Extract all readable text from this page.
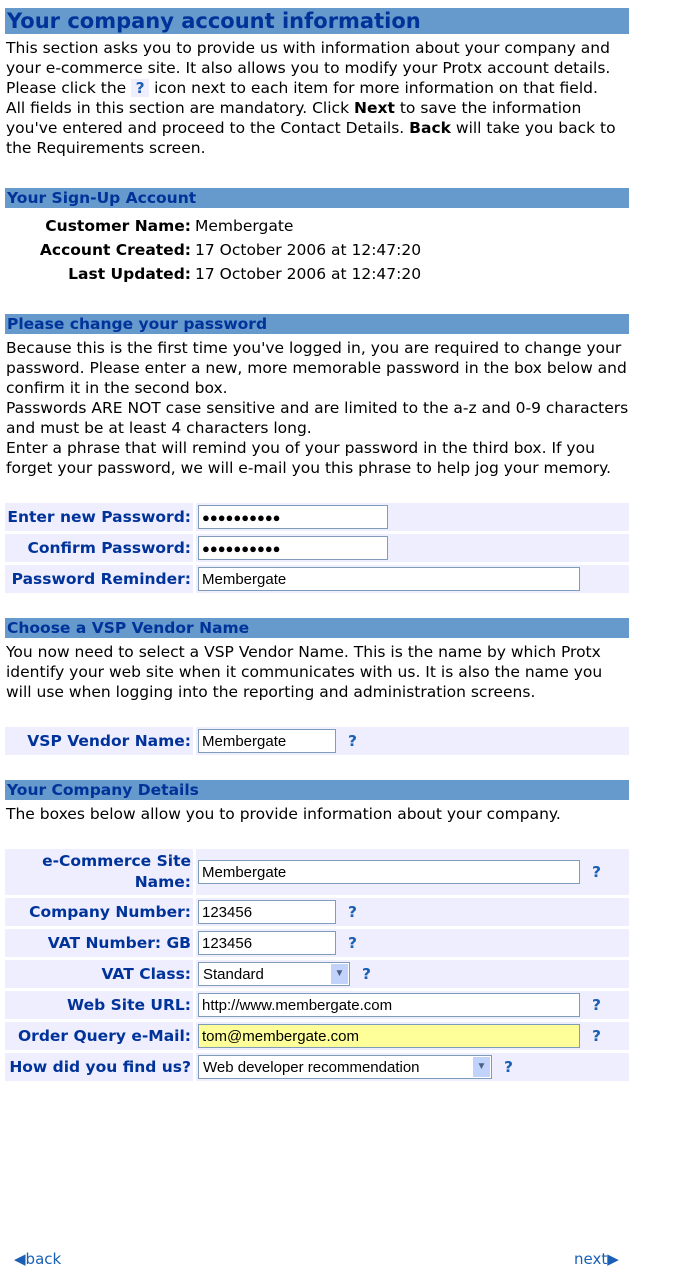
Your company account information

This section asks you to provide us with information about your company and your e-commerce site. It also allows you to modify your Protx account details.

Please click the ? icon next to each item for more information on that field.

All fields in this section are mandatory. Click Next to save the information you've entered and proceed to the Contact Details. Back will take you back to the Requirements screen.

Your Sign-Up Account
Customer Name: Membergate
Account Created: 17 October 2006 at 12:47:20
Last Updated: 17 October 2006 at 12:47:20
Please change your password

Because this is the first time you've logged in, you are required to change your password. Please enter a new, more memorable password in the box below and confirm it in the second box.

Passwords ARE NOT case sensitive and are limited to the a-z and 0-9 characters and must be at least 4 characters long.

Enter a phrase that will remind you of your password in the third box. If you forget your password, we will e-mail you this phrase to help jog your memory.

Enter new Password:	●●●●●●●●●●
Confirm Password:	●●●●●●●●●●
Password Reminder:	Membergate
Choose a VSP Vendor Name

You now need to select a VSP Vendor Name. This is the name by which Protx identify your web site when it communicates with us. It is also the name you will use when logging into the reporting and administration screens.

VSP Vendor Name:	Membergate?
Your Company Details

The boxes below allow you to provide information about your company.

e-Commerce Site Name:	Membergate?
Company Number:	123456?
VAT Number: GB	123456?
VAT Class:	Standard ▼ ?
Web Site URL:	http://www.membergate.com?
Order Query e-Mail:	tom@membergate.com?
How did you find us?	Web developer recommendation ▼ ?
◀back	next▶
